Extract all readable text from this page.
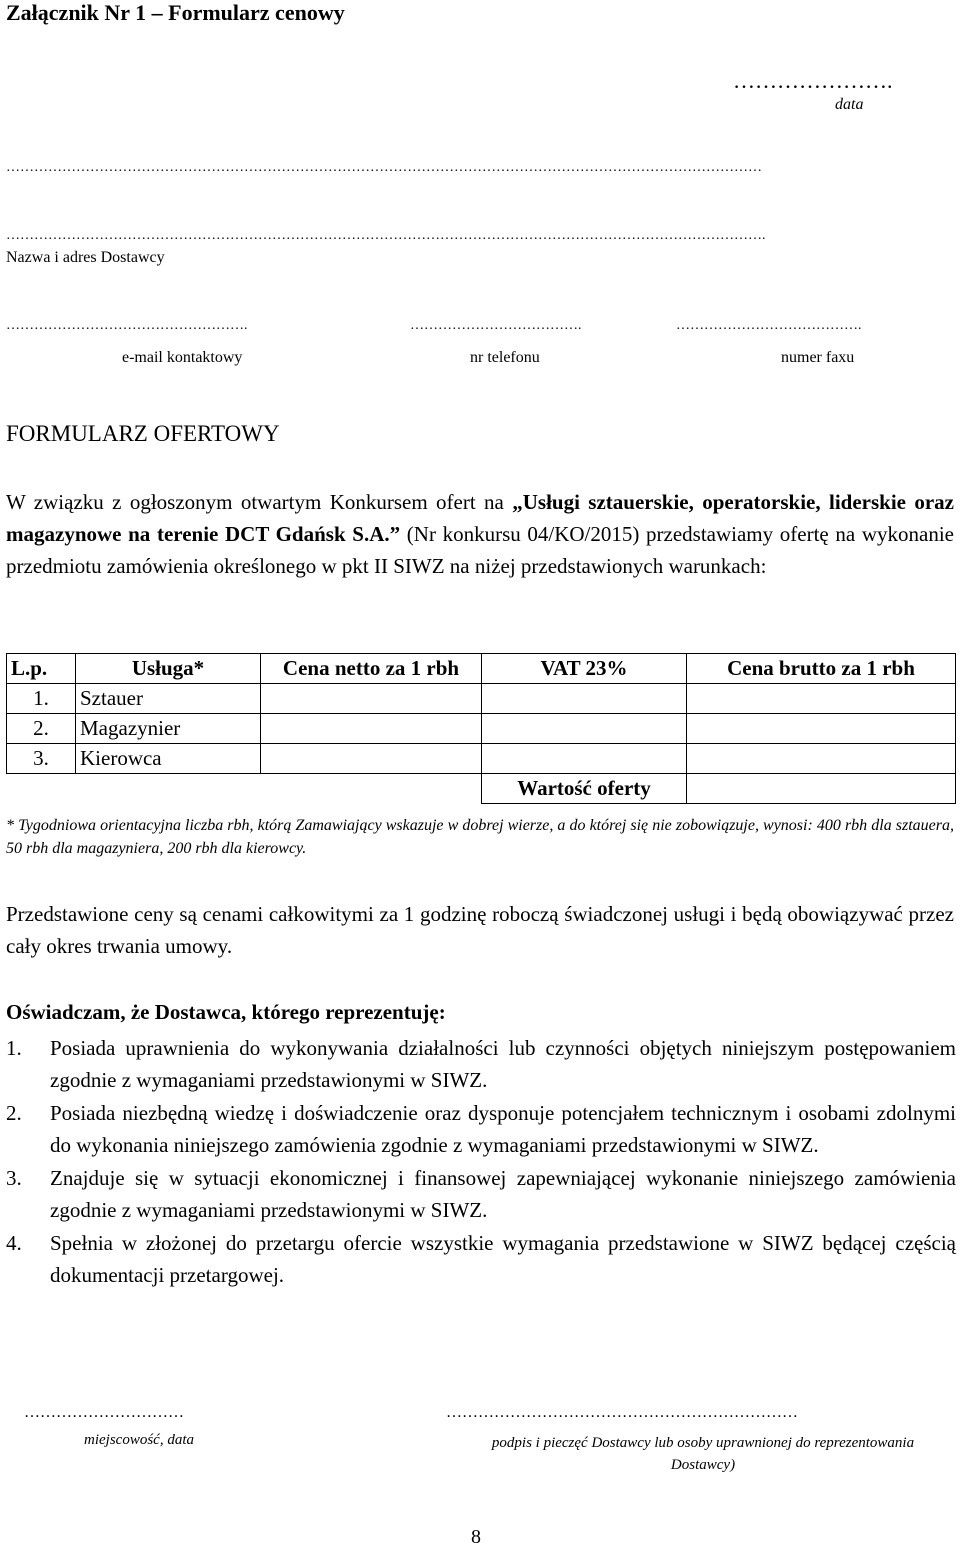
Załącznik Nr 1 – Formularz cenowy
………………….
data
………………………………………………………………………………………………………………………………………………
……………………………………………………………………………………………………………………………………………….
Nazwa i adres Dostawcy
…………………………………………….	……………………………….	………………………………….
e-mail kontaktowy	nr telefonu	numer faxu
FORMULARZ OFERTOWY
W związku z ogłoszonym otwartym Konkursem ofert na „Usługi sztauerskie, operatorskie, liderskie oraz magazynowe na terenie DCT Gdańsk S.A.” (Nr konkursu 04/KO/2015) przedstawiamy ofertę na wykonanie przedmiotu zamówienia określonego w pkt II SIWZ na niżej przedstawionych warunkach:
L.p.	Usługa*	Cena netto za 1 rbh	VAT 23%	Cena brutto za 1 rbh
1.	Sztauer			
2.	Magazynier			
3.	Kierowca			
			Wartość oferty	
* Tygodniowa orientacyjna liczba rbh, którą Zamawiający wskazuje w dobrej wierze, a do której się nie zobowiązuje, wynosi: 400 rbh dla sztauera, 50 rbh dla magazyniera, 200 rbh dla kierowcy.
Przedstawione ceny są cenami całkowitymi za 1 godzinę roboczą świadczonej usługi i będą obowiązywać przez cały okres trwania umowy.
Oświadczam, że Dostawca, którego reprezentuję:
1. Posiada uprawnienia do wykonywania działalności lub czynności objętych niniejszym postępowaniem zgodnie z wymaganiami przedstawionymi w SIWZ.
2. Posiada niezbędną wiedzę i doświadczenie oraz dysponuje potencjałem technicznym i osobami zdolnymi do wykonania niniejszego zamówienia zgodnie z wymaganiami przedstawionymi w SIWZ.
3. Znajduje się w sytuacji ekonomicznej i finansowej zapewniającej wykonanie niniejszego zamówienia zgodnie z wymaganiami przedstawionymi w SIWZ.
4. Spełnia w złożonej do przetargu ofercie wszystkie wymagania przedstawione w SIWZ będącej częścią dokumentacji przetargowej.
…………………………	…………………………………………………………
miejscowość, data	podpis i pieczęć Dostawcy lub osoby uprawnionej do reprezentowania Dostawcy)
8
